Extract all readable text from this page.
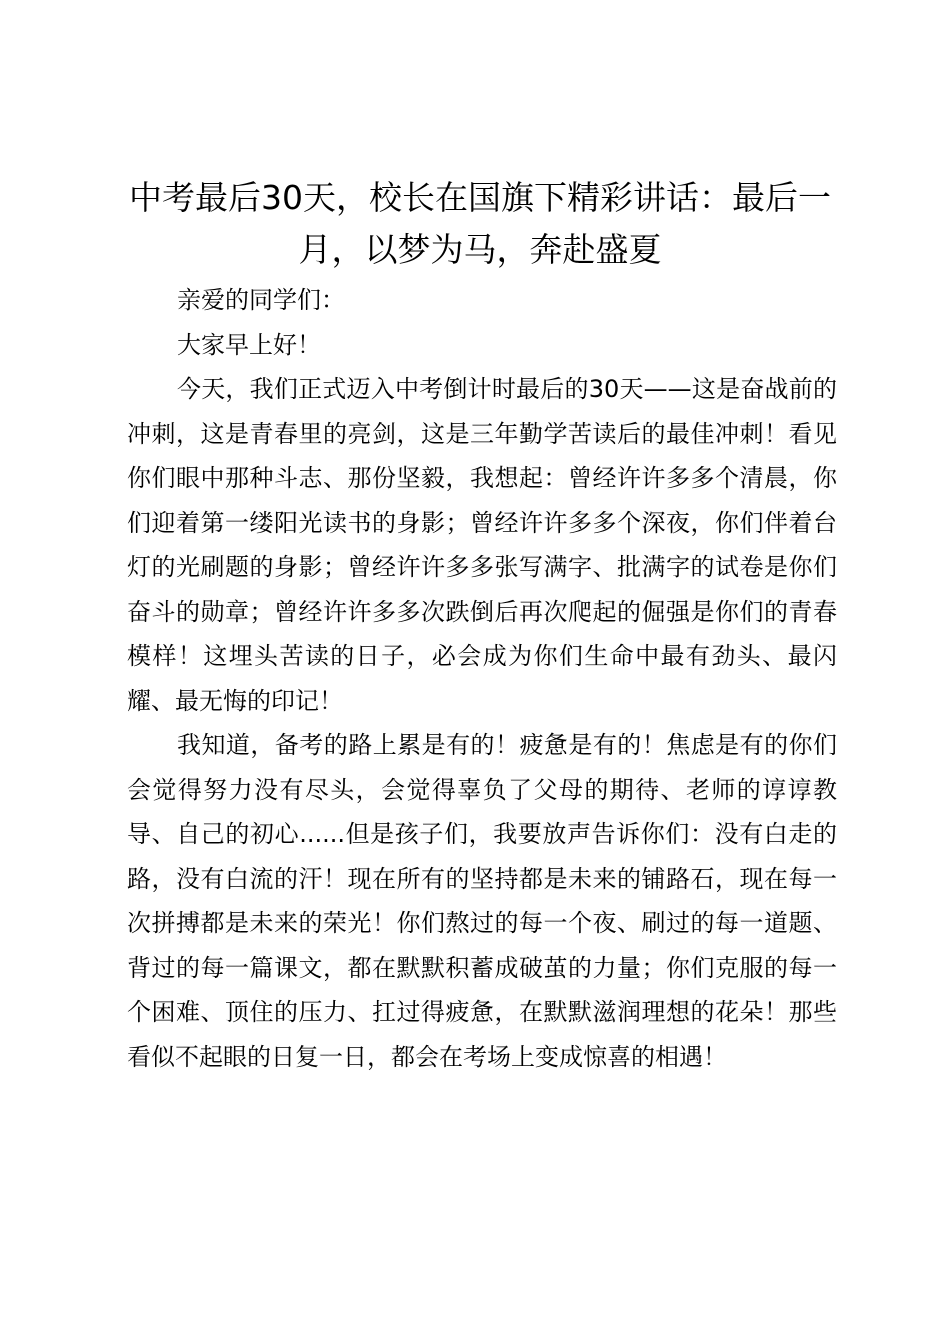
中考最后30天，校长在国旗下精彩讲话：最后一月，以梦为马，奔赴盛夏

亲爱的同学们：

大家早上好！

今天，我们正式迈入中考倒计时最后的30天——这是奋战前的冲刺，这是青春里的亮剑，这是三年勤学苦读后的最佳冲刺！看见你们眼中那种斗志、那份坚毅，我想起：曾经许许多多个清晨，你们迎着第一缕阳光读书的身影；曾经许许多多个深夜，你们伴着台灯的光刷题的身影；曾经许许多多张写满字、批满字的试卷是你们奋斗的勋章；曾经许许多多次跌倒后再次爬起的倔强是你们的青春模样！这埋头苦读的日子，必会成为你们生命中最有劲头、最闪耀、最无悔的印记！

我知道，备考的路上累是有的！疲惫是有的！焦虑是有的你们会觉得努力没有尽头，会觉得辜负了父母的期待、老师的谆谆教导、自己的初心......但是孩子们，我要放声告诉你们：没有白走的路，没有白流的汗！现在所有的坚持都是未来的铺路石，现在每一次拼搏都是未来的荣光！你们熬过的每一个夜、刷过的每一道题、背过的每一篇课文，都在默默积蓄成破茧的力量；你们克服的每一个困难、顶住的压力、扛过得疲惫，在默默滋润理想的花朵！那些看似不起眼的日复一日，都会在考场上变成惊喜的相遇！
